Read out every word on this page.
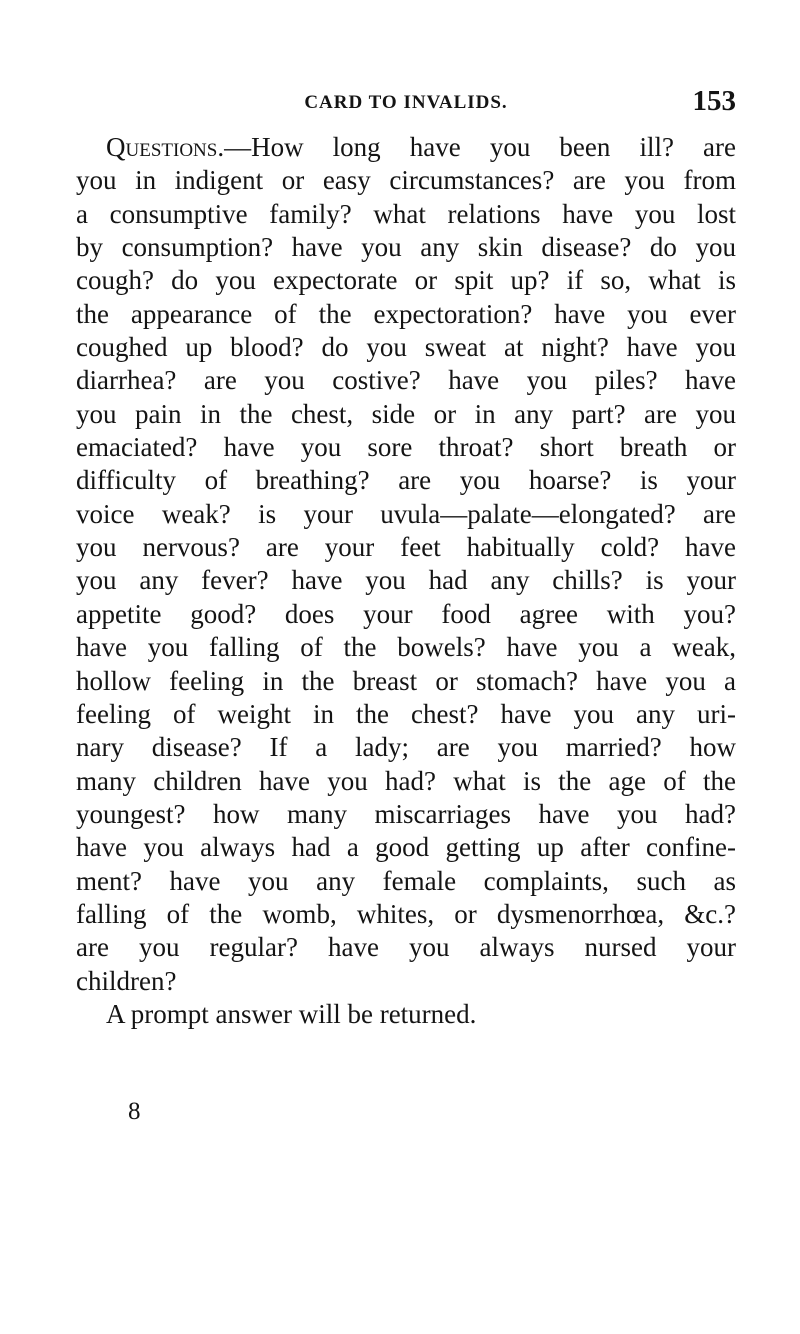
CARD TO INVALIDS.	153
Questions.—How long have you been ill? are
you in indigent or easy circumstances? are you from
a consumptive family? what relations have you lost
by consumption? have you any skin disease? do you
cough? do you expectorate or spit up? if so, what is
the appearance of the expectoration? have you ever
coughed up blood? do you sweat at night? have you
diarrhea? are you costive? have you piles? have
you pain in the chest, side or in any part? are you
emaciated? have you sore throat? short breath or
difficulty of breathing? are you hoarse? is your
voice weak? is your uvula—palate—elongated? are
you nervous? are your feet habitually cold? have
you any fever? have you had any chills? is your
appetite good? does your food agree with you?
have you falling of the bowels? have you a weak,
hollow feeling in the breast or stomach? have you a
feeling of weight in the chest? have you any uri-
nary disease? If a lady; are you married? how
many children have you had? what is the age of the
youngest? how many miscarriages have you had?
have you always had a good getting up after confine-
ment? have you any female complaints, such as
falling of the womb, whites, or dysmenorrhœa, &c.?
are you regular? have you always nursed your
children?
A prompt answer will be returned.
8
